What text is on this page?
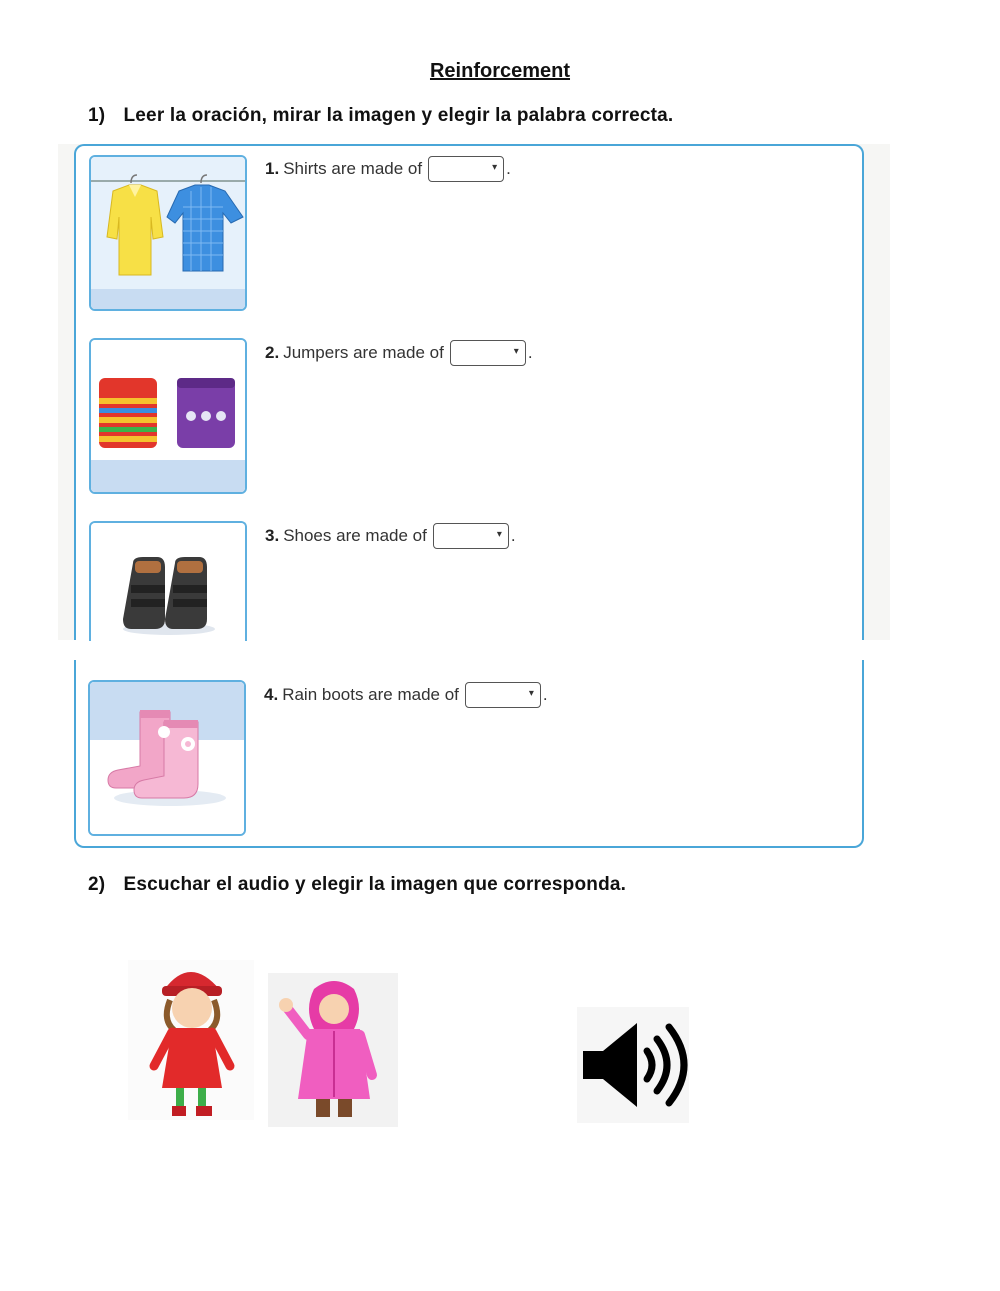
Reinforcement
1) Leer la oración, mirar la imagen y elegir la palabra correcta.
1. Shirts are made of	▾ .
2. Jumpers are made of	▾ .
3. Shoes are made of	▾ .
4. Rain boots are made of	▾ .
2) Escuchar el audio y elegir la imagen que corresponda.
